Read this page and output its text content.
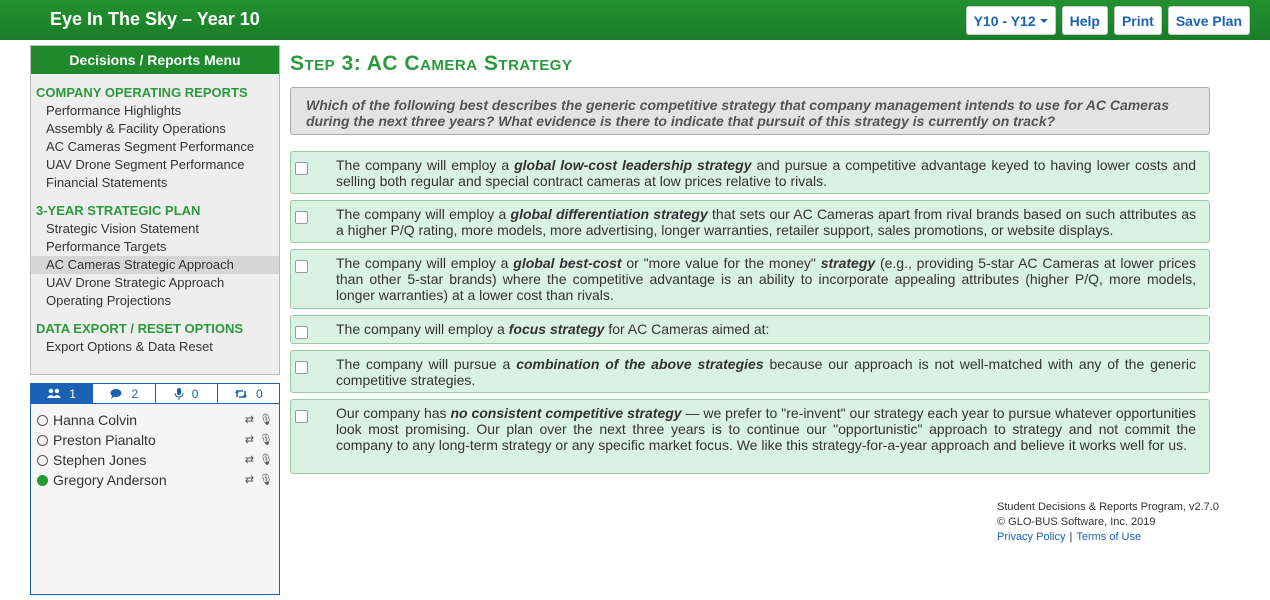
Eye In The Sky – Year 10	Y10 - Y12	Help	Print	Save Plan
Decisions / Reports Menu
COMPANY OPERATING REPORTS
Performance Highlights
Assembly & Facility Operations
AC Cameras Segment Performance
UAV Drone Segment Performance
Financial Statements
3-YEAR STRATEGIC PLAN
Strategic Vision Statement
Performance Targets
AC Cameras Strategic Approach
UAV Drone Strategic Approach
Operating Projections
DATA EXPORT / RESET OPTIONS
Export Options & Data Reset
1	2	0	0
Hanna Colvin	⇄ 🎙
Preston Pianalto	⇄ 🎙
Stephen Jones	⇄ 🎙
Gregory Anderson	⇄ 🎙
Step 3: AC Camera Strategy
Which of the following best describes the generic competitive strategy that company management intends to use for AC Cameras during the next three years? What evidence is there to indicate that pursuit of this strategy is currently on track?
The company will employ a global low-cost leadership strategy and pursue a competitive advantage keyed to having lower costs and selling both regular and special contract cameras at low prices relative to rivals.
The company will employ a global differentiation strategy that sets our AC Cameras apart from rival brands based on such attributes as a higher P/Q rating, more models, more advertising, longer warranties, retailer support, sales promotions, or website displays.
The company will employ a global best-cost or "more value for the money" strategy (e.g., providing 5-star AC Cameras at lower prices than other 5-star brands) where the competitive advantage is an ability to incorporate appealing attributes (higher P/Q, more models, longer warranties) at a lower cost than rivals.
The company will employ a focus strategy for AC Cameras aimed at:
The company will pursue a combination of the above strategies because our approach is not well-matched with any of the generic competitive strategies.
Our company has no consistent competitive strategy — we prefer to "re-invent" our strategy each year to pursue whatever opportunities look most promising. Our plan over the next three years is to continue our "opportunistic" approach to strategy and not commit the company to any long-term strategy or any specific market focus. We like this strategy-for-a-year approach and believe it works well for us.
Student Decisions & Reports Program, v2.7.0
© GLO-BUS Software, Inc. 2019
Privacy Policy | Terms of Use
